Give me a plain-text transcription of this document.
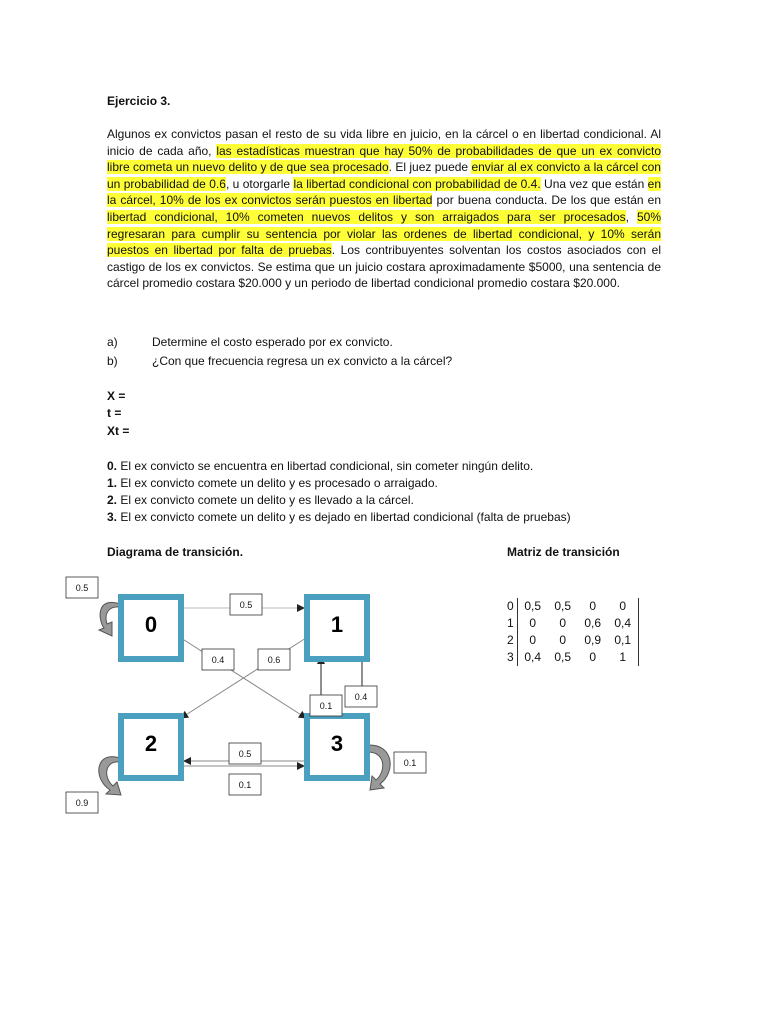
Ejercicio 3.
Algunos ex convictos pasan el resto de su vida libre en juicio, en la cárcel o en libertad condicional. Al inicio de cada año, las estadísticas muestran que hay 50% de probabilidades de que un ex convicto libre cometa un nuevo delito y de que sea procesado. El juez puede enviar al ex convicto a la cárcel con un probabilidad de 0.6, u otorgarle la libertad condicional con probabilidad de 0.4. Una vez que están en la cárcel, 10% de los ex convictos serán puestos en libertad por buena conducta. De los que están en libertad condicional, 10% cometen nuevos delitos y son arraigados para ser procesados, 50% regresaran para cumplir su sentencia por violar las ordenes de libertad condicional, y 10% serán puestos en libertad por falta de pruebas. Los contribuyentes solventan los costos asociados con el castigo de los ex convictos. Se estima que un juicio costara aproximadamente $5000, una sentencia de cárcel promedio costara $20.000 y un periodo de libertad condicional promedio costara $20.000.
a)	Determine el costo esperado por ex convicto.
b)	¿Con que frecuencia regresa un ex convicto a la cárcel?
X =
t =
Xt =
0. El ex convicto se encuentra en libertad condicional, sin cometer ningún delito.
1. El ex convicto comete un delito y es procesado o arraigado.
2. El ex convicto comete un delito y es llevado a la cárcel.
3. El ex convicto comete un delito y es dejado en libertad condicional (falta de pruebas)
Diagrama de transición.	Matriz de transición
0	1
2	3
0.5
0.5
0.4	0.6
0.1
0.4
0.5
0.1
0.1
0.9
0	0,5	0,5	0	0
1	0	0	0,6	0,4
2	0	0	0,9	0,1
3	0,4	0,5	0	1
